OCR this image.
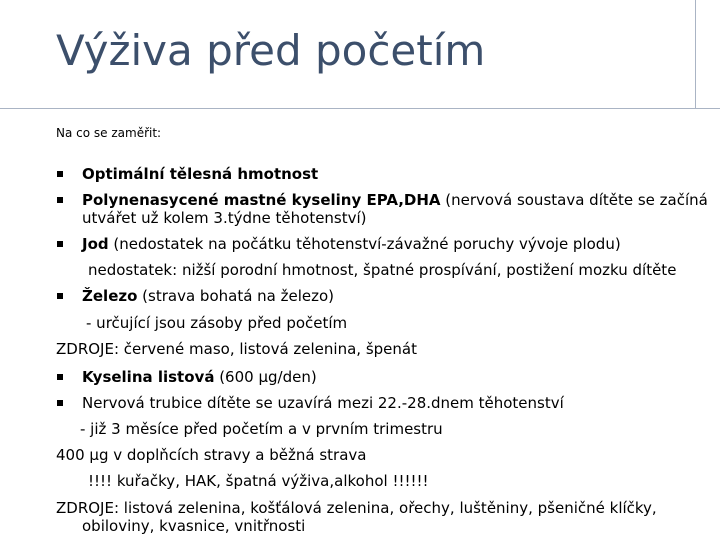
Výživa před početím
Na co se zaměřit:
Optimální tělesná hmotnost
Polynenasycené mastné kyseliny EPA,DHA (nervová soustava dítěte se začíná
utvářet už kolem 3.týdne těhotenství)
Jod (nedostatek na počátku těhotenství-závažné poruchy vývoje plodu)
nedostatek: nižší porodní hmotnost, špatné prospívání, postižení mozku dítěte
Železo (strava bohatá na železo)
- určující jsou zásoby před početím
ZDROJE: červené maso, listová zelenina, špenát
Kyselina listová (600 µg/den)
Nervová trubice dítěte se uzavírá mezi 22.-28.dnem těhotenství
- již 3 měsíce před početím a v prvním trimestru
400 µg v doplňcích stravy a běžná strava
!!!! kuřačky, HAK, špatná výživa,alkohol !!!!!!
ZDROJE: listová zelenina, košťálová zelenina, ořechy, luštěniny, pšeničné klíčky,
obiloviny, kvasnice, vnitřnosti
